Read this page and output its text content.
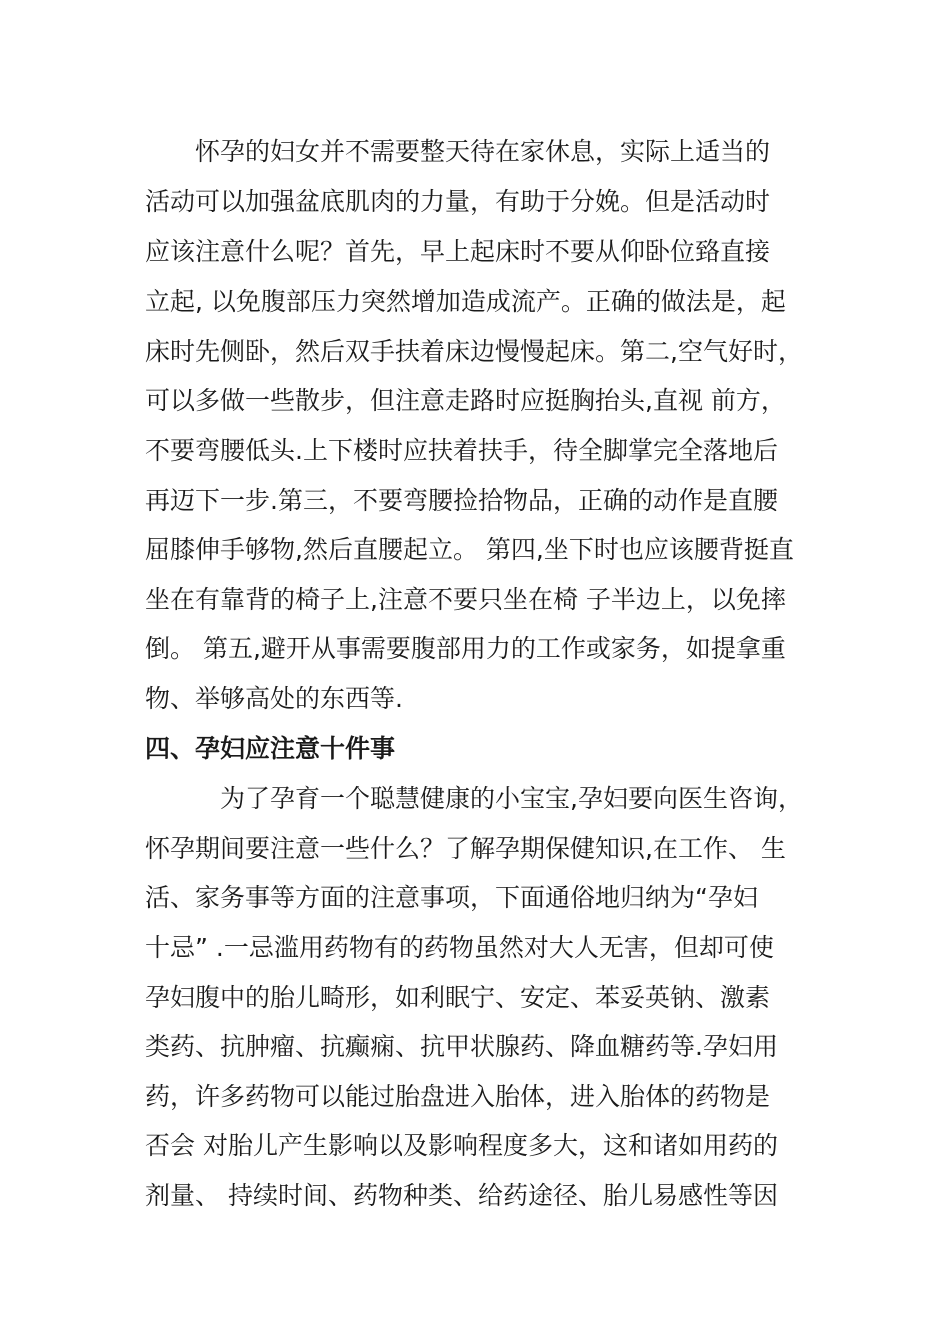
　　怀孕的妇女并不需要整天待在家休息，实际上适当的
活动可以加强盆底肌肉的力量，有助于分娩。但是活动时
应该注意什么呢？首先，早上起床时不要从仰卧位臵直接
立起, 以免腹部压力突然增加造成流产。正确的做法是，起
床时先侧卧，然后双手扶着床边慢慢起床。第二,空气好时，
可以多做一些散步，但注意走路时应挺胸抬头,直视 前方，
不要弯腰低头.上下楼时应扶着扶手，待全脚掌完全落地后
再迈下一步.第三，不要弯腰捡拾物品，正确的动作是直腰
屈膝伸手够物,然后直腰起立。 第四,坐下时也应该腰背挺直
坐在有靠背的椅子上,注意不要只坐在椅 子半边上，以免摔
倒。 第五,避开从事需要腹部用力的工作或家务，如提拿重
物、举够高处的东西等.
四、孕妇应注意十件事
　　　为了孕育一个聪慧健康的小宝宝,孕妇要向医生咨询，
怀孕期间要注意一些什么？了解孕期保健知识,在工作、 生
活、家务事等方面的注意事项，下面通俗地归纳为“孕妇
十忌” .一忌滥用药物有的药物虽然对大人无害，但却可使
孕妇腹中的胎儿畸形，如利眠宁、安定、苯妥英钠、激素
类药、抗肿瘤、抗癫痫、抗甲状腺药、降血糖药等.孕妇用
药，许多药物可以能过胎盘进入胎体，进入胎体的药物是
否会 对胎儿产生影响以及影响程度多大，这和诸如用药的
剂量、 持续时间、药物种类、给药途径、胎儿易感性等因
